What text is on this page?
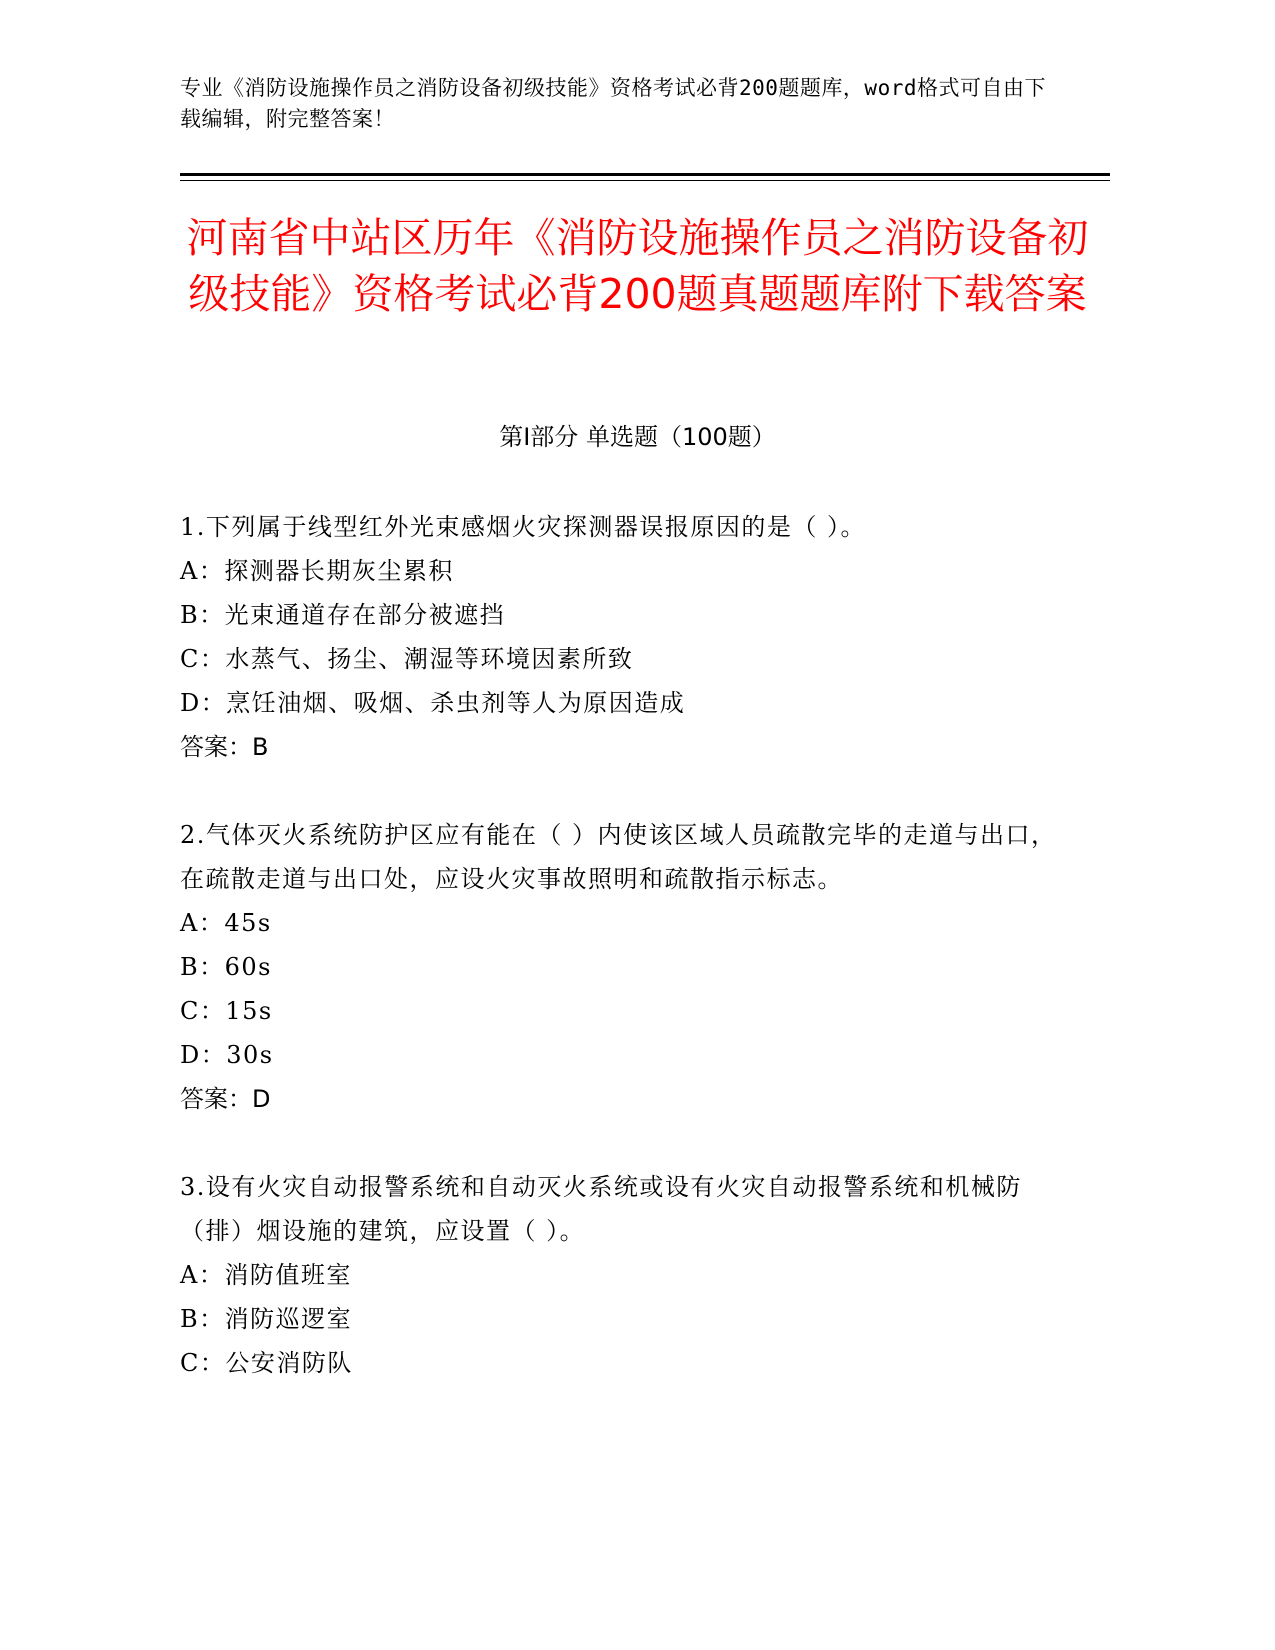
专业《消防设施操作员之消防设备初级技能》资格考试必背200题题库，word格式可自由下载编辑，附完整答案！
河南省中站区历年《消防设施操作员之消防设备初级技能》资格考试必背200题真题题库附下载答案
第Ⅰ部分 单选题（100题）
1.下列属于线型红外光束感烟火灾探测器误报原因的是（ ）。
A：探测器长期灰尘累积
B：光束通道存在部分被遮挡
C：水蒸气、扬尘、潮湿等环境因素所致
D：烹饪油烟、吸烟、杀虫剂等人为原因造成
答案：B
2.气体灭火系统防护区应有能在（ ）内使该区域人员疏散完毕的走道与出口，在疏散走道与出口处，应设火灾事故照明和疏散指示标志。
A：45s
B：60s
C：15s
D：30s
答案：D
3.设有火灾自动报警系统和自动灭火系统或设有火灾自动报警系统和机械防（排）烟设施的建筑，应设置（ ）。
A：消防值班室
B：消防巡逻室
C：公安消防队
